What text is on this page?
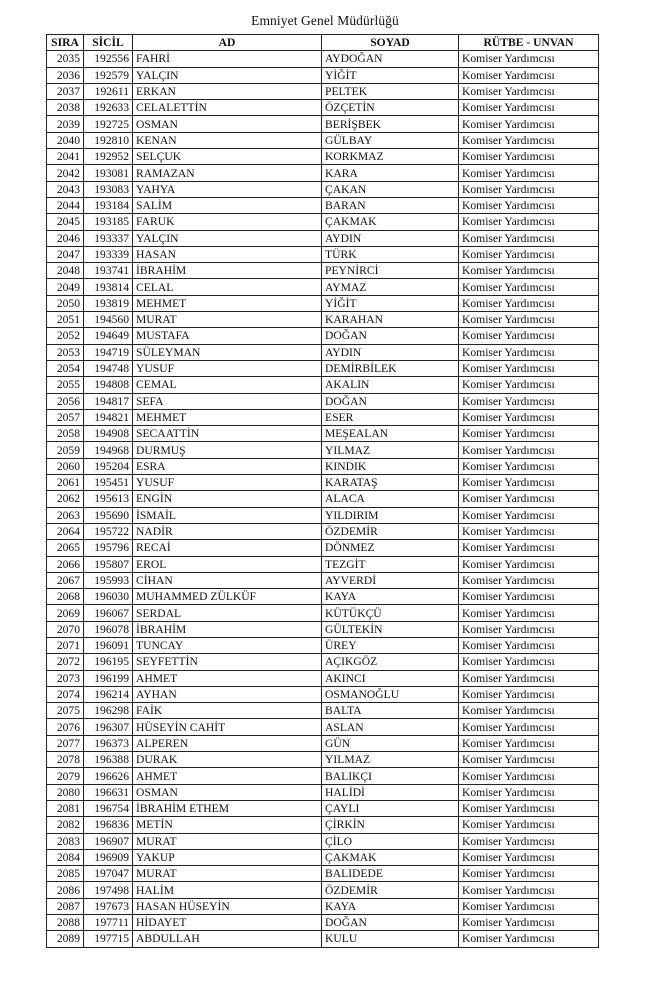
Emniyet Genel Müdürlüğü
SIRA	SİCİL	AD	SOYAD	RÜTBE - UNVAN
2035	192556	FAHRİ	AYDOĞAN	Komiser Yardımcısı
2036	192579	YALÇIN	YİĞİT	Komiser Yardımcısı
2037	192611	ERKAN	PELTEK	Komiser Yardımcısı
2038	192633	CELALETTİN	ÖZÇETİN	Komiser Yardımcısı
2039	192725	OSMAN	BERİŞBEK	Komiser Yardımcısı
2040	192810	KENAN	GÜLBAY	Komiser Yardımcısı
2041	192952	SELÇUK	KORKMAZ	Komiser Yardımcısı
2042	193081	RAMAZAN	KARA	Komiser Yardımcısı
2043	193083	YAHYA	ÇAKAN	Komiser Yardımcısı
2044	193184	SALİM	BARAN	Komiser Yardımcısı
2045	193185	FARUK	ÇAKMAK	Komiser Yardımcısı
2046	193337	YALÇIN	AYDIN	Komiser Yardımcısı
2047	193339	HASAN	TÜRK	Komiser Yardımcısı
2048	193741	İBRAHİM	PEYNİRCİ	Komiser Yardımcısı
2049	193814	CELAL	AYMAZ	Komiser Yardımcısı
2050	193819	MEHMET	YİĞİT	Komiser Yardımcısı
2051	194560	MURAT	KARAHAN	Komiser Yardımcısı
2052	194649	MUSTAFA	DOĞAN	Komiser Yardımcısı
2053	194719	SÜLEYMAN	AYDIN	Komiser Yardımcısı
2054	194748	YUSUF	DEMİRBİLEK	Komiser Yardımcısı
2055	194808	CEMAL	AKALIN	Komiser Yardımcısı
2056	194817	SEFA	DOĞAN	Komiser Yardımcısı
2057	194821	MEHMET	ESER	Komiser Yardımcısı
2058	194908	SECAATTİN	MEŞEALAN	Komiser Yardımcısı
2059	194968	DURMUŞ	YILMAZ	Komiser Yardımcısı
2060	195204	ESRA	KINDIK	Komiser Yardımcısı
2061	195451	YUSUF	KARATAŞ	Komiser Yardımcısı
2062	195613	ENGİN	ALACA	Komiser Yardımcısı
2063	195690	İSMAİL	YILDIRIM	Komiser Yardımcısı
2064	195722	NADİR	ÖZDEMİR	Komiser Yardımcısı
2065	195796	RECAİ	DÖNMEZ	Komiser Yardımcısı
2066	195807	EROL	TEZGİT	Komiser Yardımcısı
2067	195993	CİHAN	AYVERDİ	Komiser Yardımcısı
2068	196030	MUHAMMED ZÜLKÜF	KAYA	Komiser Yardımcısı
2069	196067	SERDAL	KÜTÜKÇÜ	Komiser Yardımcısı
2070	196078	İBRAHİM	GÜLTEKİN	Komiser Yardımcısı
2071	196091	TUNCAY	ÜREY	Komiser Yardımcısı
2072	196195	SEYFETTİN	AÇIKGÖZ	Komiser Yardımcısı
2073	196199	AHMET	AKINCI	Komiser Yardımcısı
2074	196214	AYHAN	OSMANOĞLU	Komiser Yardımcısı
2075	196298	FAİK	BALTA	Komiser Yardımcısı
2076	196307	HÜSEYİN CAHİT	ASLAN	Komiser Yardımcısı
2077	196373	ALPEREN	GÜN	Komiser Yardımcısı
2078	196388	DURAK	YILMAZ	Komiser Yardımcısı
2079	196626	AHMET	BALIKÇI	Komiser Yardımcısı
2080	196631	OSMAN	HALİDİ	Komiser Yardımcısı
2081	196754	İBRAHİM ETHEM	ÇAYLI	Komiser Yardımcısı
2082	196836	METİN	ÇİRKİN	Komiser Yardımcısı
2083	196907	MURAT	ÇİLO	Komiser Yardımcısı
2084	196909	YAKUP	ÇAKMAK	Komiser Yardımcısı
2085	197047	MURAT	BALIDEDE	Komiser Yardımcısı
2086	197498	HALİM	ÖZDEMİR	Komiser Yardımcısı
2087	197673	HASAN HÜSEYİN	KAYA	Komiser Yardımcısı
2088	197711	HİDAYET	DOĞAN	Komiser Yardımcısı
2089	197715	ABDULLAH	KULU	Komiser Yardımcısı
